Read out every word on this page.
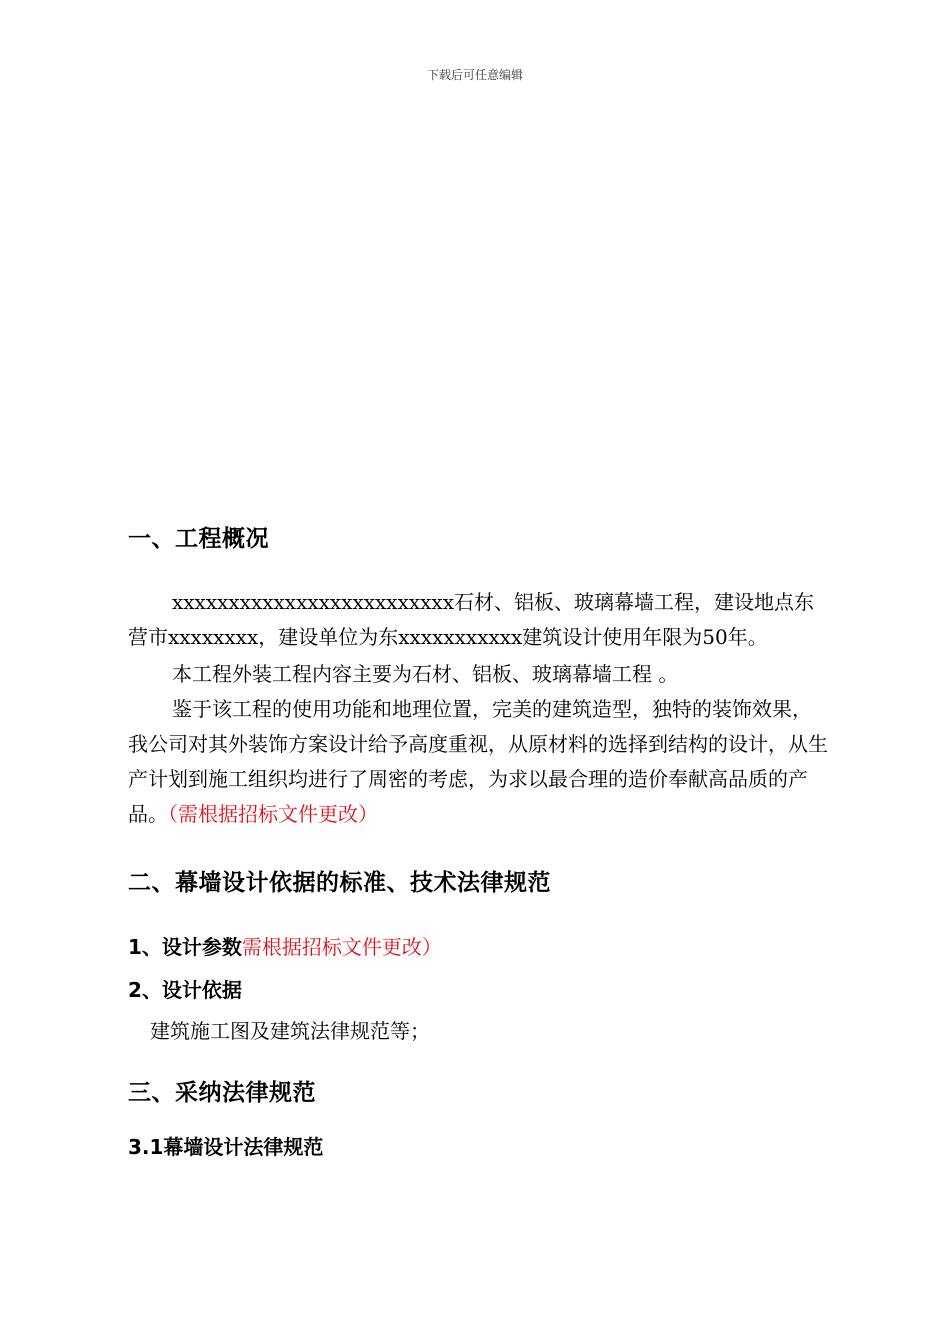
下载后可任意编辑
一、工程概况

xxxxxxxxxxxxxxxxxxxxxxxxx石材、铝板、玻璃幕墙工程，建设地点东营市xxxxxxxx，建设单位为东xxxxxxxxxxx建筑设计使用年限为50年。

本工程外装工程内容主要为石材、铝板、玻璃幕墙工程 。

鉴于该工程的使用功能和地理位置，完美的建筑造型，独特的装饰效果，我公司对其外装饰方案设计给予高度重视，从原材料的选择到结构的设计，从生产计划到施工组织均进行了周密的考虑，为求以最合理的造价奉献高品质的产品。（需根据招标文件更改）

二、幕墙设计依据的标准、技术法律规范

1、设计参数需根据招标文件更改）

2、设计依据

建筑施工图及建筑法律规范等；

三、采纳法律规范

3.1幕墙设计法律规范
